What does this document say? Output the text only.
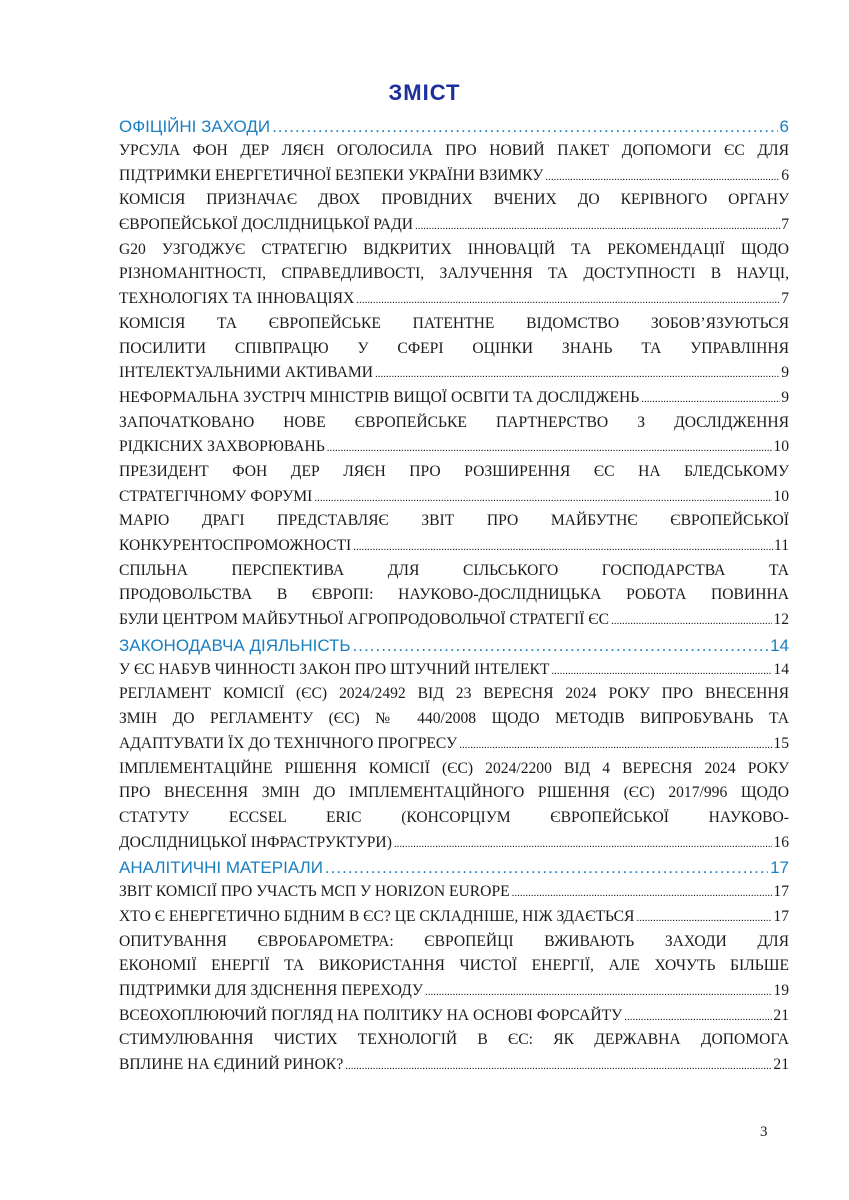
ЗМІСТ
ОФІЦІЙНІ ЗАХОДИ .....	6
УРСУЛА ФОН ДЕР ЛЯЄН ОГОЛОСИЛА ПРО НОВИЙ ПАКЕТ ДОПОМОГИ ЄС ДЛЯ
ПІДТРИМКИ ЕНЕРГЕТИЧНОЇ БЕЗПЕКИ УКРАЇНИ ВЗИМКУ .....	6
КОМІСІЯ ПРИЗНАЧАЄ ДВОХ ПРОВІДНИХ ВЧЕНИХ ДО КЕРІВНОГО ОРГАНУ
ЄВРОПЕЙСЬКОЇ ДОСЛІДНИЦЬКОЇ РАДИ .....	7
G20 УЗГОДЖУЄ СТРАТЕГІЮ ВІДКРИТИХ ІННОВАЦІЙ ТА РЕКОМЕНДАЦІЇ ЩОДО
РІЗНОМАНІТНОСТІ, СПРАВЕДЛИВОСТІ, ЗАЛУЧЕННЯ ТА ДОСТУПНОСТІ В НАУЦІ,
ТЕХНОЛОГІЯХ ТА ІННОВАЦІЯХ .....	7
КОМІСІЯ ТА ЄВРОПЕЙСЬКЕ ПАТЕНТНЕ ВІДОМСТВО ЗОБОВ’ЯЗУЮТЬСЯ
ПОСИЛИТИ СПІВПРАЦЮ У СФЕРІ ОЦІНКИ ЗНАНЬ ТА УПРАВЛІННЯ
ІНТЕЛЕКТУАЛЬНИМИ АКТИВАМИ .....	9
НЕФОРМАЛЬНА ЗУСТРІЧ МІНІСТРІВ ВИЩОЇ ОСВІТИ ТА ДОСЛІДЖЕНЬ .....	9
ЗАПОЧАТКОВАНО НОВЕ ЄВРОПЕЙСЬКЕ ПАРТНЕРСТВО З ДОСЛІДЖЕННЯ
РІДКІСНИХ ЗАХВОРЮВАНЬ .....	10
ПРЕЗИДЕНТ ФОН ДЕР ЛЯЄН ПРО РОЗШИРЕННЯ ЄС НА БЛЕДСЬКОМУ
СТРАТЕГІЧНОМУ ФОРУМІ .....	10
МАРІО ДРАГІ ПРЕДСТАВЛЯЄ ЗВІТ ПРО МАЙБУТНЄ ЄВРОПЕЙСЬКОЇ
КОНКУРЕНТОСПРОМОЖНОСТІ .....	11
СПІЛЬНА ПЕРСПЕКТИВА ДЛЯ СІЛЬСЬКОГО ГОСПОДАРСТВА ТА
ПРОДОВОЛЬСТВА В ЄВРОПІ: НАУКОВО-ДОСЛІДНИЦЬКА РОБОТА ПОВИННА
БУЛИ ЦЕНТРОМ МАЙБУТНЬОЇ АГРОПРОДОВОЛЬЧОЇ СТРАТЕГІЇ ЄС .....	12
ЗАКОНОДАВЧА ДІЯЛЬНІСТЬ .....	14
У ЄС НАБУВ ЧИННОСТІ ЗАКОН ПРО ШТУЧНИЙ ІНТЕЛЕКТ .....	14
РЕГЛАМЕНТ КОМІСІЇ (ЄС) 2024/2492 ВІД 23 ВЕРЕСНЯ 2024 РОКУ ПРО ВНЕСЕННЯ
ЗМІН ДО РЕГЛАМЕНТУ (ЄС) № 440/2008 ЩОДО МЕТОДІВ ВИПРОБУВАНЬ ТА
АДАПТУВАТИ ЇХ ДО ТЕХНІЧНОГО ПРОГРЕСУ .....	15
ІМПЛЕМЕНТАЦІЙНЕ РІШЕННЯ КОМІСІЇ (ЄС) 2024/2200 ВІД 4 ВЕРЕСНЯ 2024 РОКУ
ПРО ВНЕСЕННЯ ЗМІН ДО ІМПЛЕМЕНТАЦІЙНОГО РІШЕННЯ (ЄС) 2017/996 ЩОДО
СТАТУТУ ECCSEL ERIC (КОНСОРЦІУМ ЄВРОПЕЙСЬКОЇ НАУКОВО-
ДОСЛІДНИЦЬКОЇ ІНФРАСТРУКТУРИ) .....	16
АНАЛІТИЧНІ МАТЕРІАЛИ .....	17
ЗВІТ КОМІСІЇ ПРО УЧАСТЬ МСП У HORIZON EUROPE .....	17
ХТО Є ЕНЕРГЕТИЧНО БІДНИМ В ЄС? ЦЕ СКЛАДНІШЕ, НІЖ ЗДАЄТЬСЯ .....	17
ОПИТУВАННЯ ЄВРОБАРОМЕТРА: ЄВРОПЕЙЦІ ВЖИВАЮТЬ ЗАХОДИ ДЛЯ
ЕКОНОМІЇ ЕНЕРГІЇ ТА ВИКОРИСТАННЯ ЧИСТОЇ ЕНЕРГІЇ, АЛЕ ХОЧУТЬ БІЛЬШЕ
ПІДТРИМКИ ДЛЯ ЗДІСНЕННЯ ПЕРЕХОДУ .....	19
ВСЕОХОПЛЮЮЧИЙ ПОГЛЯД НА ПОЛІТИКУ НА ОСНОВІ ФОРСАЙТУ .....	21
СТИМУЛЮВАННЯ ЧИСТИХ ТЕХНОЛОГІЙ В ЄС: ЯК ДЕРЖАВНА ДОПОМОГА
ВПЛИНЕ НА ЄДИНИЙ РИНОК? .....	21
3
